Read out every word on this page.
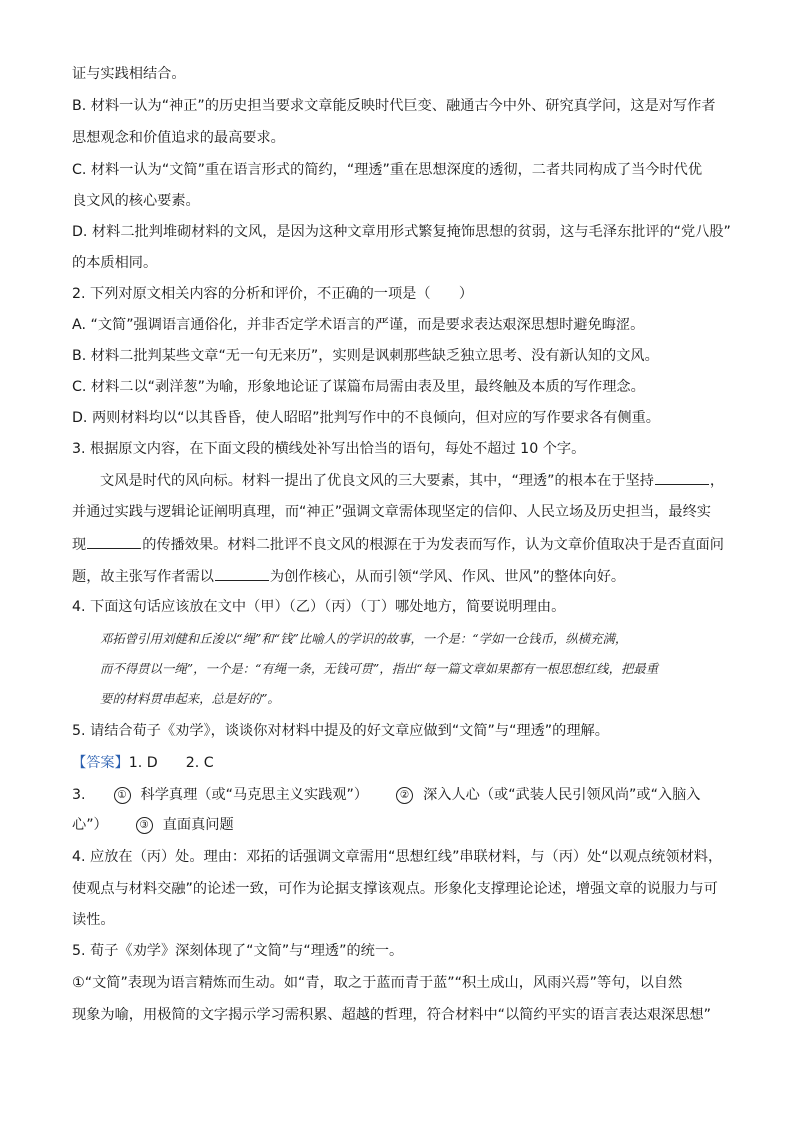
证与实践相结合。
B. 材料一认为“神正”的历史担当要求文章能反映时代巨变、融通古今中外、研究真学问，这是对写作者
思想观念和价值追求的最高要求。
C. 材料一认为“文简”重在语言形式的简约，“理透”重在思想深度的透彻，二者共同构成了当今时代优
良文风的核心要素。
D. 材料二批判堆砌材料的文风，是因为这种文章用形式繁复掩饰思想的贫弱，这与毛泽东批评的“党八股”
的本质相同。
2. 下列对原文相关内容的分析和评价，不正确的一项是（　　）
A. “文简”强调语言通俗化，并非否定学术语言的严谨，而是要求表达艰深思想时避免晦涩。
B. 材料二批判某些文章“无一句无来历”，实则是讽刺那些缺乏独立思考、没有新认知的文风。
C. 材料二以“剥洋葱”为喻，形象地论证了谋篇布局需由表及里，最终触及本质的写作理念。
D. 两则材料均以“以其昏昏，使人昭昭”批判写作中的不良倾向，但对应的写作要求各有侧重。
3. 根据原文内容，在下面文段的横线处补写出恰当的语句，每处不超过 10 个字。
文风是时代的风向标。材料一提出了优良文风的三大要素，其中，“理透”的根本在于坚持	，
并通过实践与逻辑论证阐明真理，而“神正”强调文章需体现坚定的信仰、人民立场及历史担当，最终实
现	的传播效果。材料二批评不良文风的根源在于为发表而写作，认为文章价值取决于是否直面问
题，故主张写作者需以	为创作核心，从而引领“学风、作风、世风”的整体向好。
4. 下面这句话应该放在文中（甲）（乙）（丙）（丁）哪处地方，简要说明理由。
邓拓曾引用刘健和丘浚以“绳”和“钱”比喻人的学识的故事，一个是：“学如一仓钱币，纵横充满，
而不得贯以一绳”，一个是：“有绳一条，无钱可贯”，指出“每一篇文章如果都有一根思想红线，把最重
要的材料贯串起来，总是好的”。
5. 请结合荀子《劝学》，谈谈你对材料中提及的好文章应做到“文简”与“理透”的理解。
【答案】1. D 2. C
3.	① 科学真理（或“马克思主义实践观”）	② 深入人心（或“武装人民引领风尚”或“入脑入
心”）	③ 直面真问题
4. 应放在（丙）处。理由：邓拓的话强调文章需用“思想红线”串联材料，与（丙）处“以观点统领材料，
使观点与材料交融”的论述一致，可作为论据支撑该观点。形象化支撑理论论述，增强文章的说服力与可
读性。
5. 荀子《劝学》深刻体现了“文简”与“理透”的统一。
①“文简”表现为语言精炼而生动。如“青，取之于蓝而青于蓝”“积土成山，风雨兴焉”等句，以自然
现象为喻，用极简的文字揭示学习需积累、超越的哲理，符合材料中“以简约平实的语言表达艰深思想”
